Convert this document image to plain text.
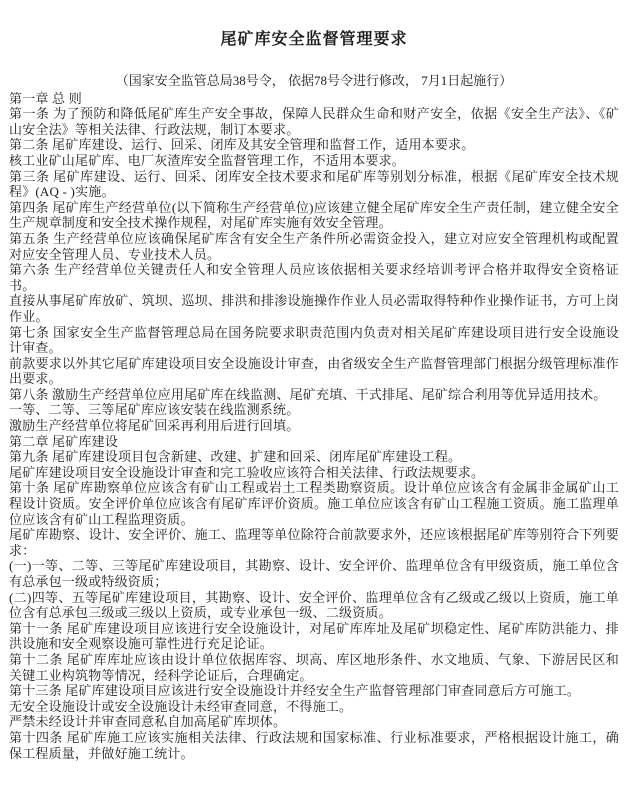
尾矿库安全监督管理要求

（国家安全监管总局38号令， 依据78号令进行修改， 7月1日起施行）

第一章 总 则

第一条 为了预防和降低尾矿库生产安全事故，保障人民群众生命和财产安全，依据《安全生产法》、《矿山安全法》等相关法律、行政法规，制订本要求。

第二条 尾矿库建设、运行、回采、闭库及其安全管理和监督工作，适用本要求。

核工业矿山尾矿库、电厂灰渣库安全监督管理工作，不适用本要求。

第三条 尾矿库建设、运行、回采、闭库安全技术要求和尾矿库等别划分标准，根据《尾矿库安全技术规程》(AQ - )实施。

第四条 尾矿库生产经营单位(以下简称生产经营单位)应该建立健全尾矿库安全生产责任制，建立健全安全生产规章制度和安全技术操作规程，对尾矿库实施有效安全管理。

第五条 生产经营单位应该确保尾矿库含有安全生产条件所必需资金投入，建立对应安全管理机构或配置对应安全管理人员、专业技术人员。

第六条 生产经营单位关键责任人和安全管理人员应该依据相关要求经培训考评合格并取得安全资格证书。

直接从事尾矿库放矿、筑坝、巡坝、排洪和排渗设施操作作业人员必需取得特种作业操作证书，方可上岗作业。

第七条 国家安全生产监督管理总局在国务院要求职责范围内负责对相关尾矿库建设项目进行安全设施设计审查。

前款要求以外其它尾矿库建设项目安全设施设计审查，由省级安全生产监督管理部门根据分级管理标准作出要求。

第八条 激励生产经营单位应用尾矿库在线监测、尾矿充填、干式排尾、尾矿综合利用等优异适用技术。

一等、二等、三等尾矿库应该安装在线监测系统。

激励生产经营单位将尾矿回采再利用后进行回填。

第二章 尾矿库建设

第九条 尾矿库建设项目包含新建、改建、扩建和回采、闭库尾矿库建设工程。

尾矿库建设项目安全设施设计审查和完工验收应该符合相关法律、行政法规要求。

第十条 尾矿库勘察单位应该含有矿山工程或岩土工程类勘察资质。设计单位应该含有金属非金属矿山工程设计资质。安全评价单位应该含有尾矿库评价资质。施工单位应该含有矿山工程施工资质。施工监理单位应该含有矿山工程监理资质。

尾矿库勘察、设计、安全评价、施工、监理等单位除符合前款要求外，还应该根据尾矿库等别符合下列要求：

(一)一等、二等、三等尾矿库建设项目，其勘察、设计、安全评价、监理单位含有甲级资质，施工单位含有总承包一级或特级资质；

(二)四等、五等尾矿库建设项目，其勘察、设计、安全评价、监理单位含有乙级或乙级以上资质，施工单位含有总承包三级或三级以上资质，或专业承包一级、二级资质。

第十一条 尾矿库建设项目应该进行安全设施设计，对尾矿库库址及尾矿坝稳定性、尾矿库防洪能力、排洪设施和安全观察设施可靠性进行充足论证。

第十二条 尾矿库库址应该由设计单位依据库容、坝高、库区地形条件、水文地质、气象、下游居民区和关键工业构筑物等情况，经科学论证后，合理确定。

第十三条 尾矿库建设项目应该进行安全设施设计并经安全生产监督管理部门审查同意后方可施工。

无安全设施设计或安全设施设计未经审查同意，不得施工。

严禁未经设计并审查同意私自加高尾矿库坝体。

第十四条 尾矿库施工应该实施相关法律、行政法规和国家标准、行业标准要求，严格根据设计施工，确保工程质量，并做好施工统计。
